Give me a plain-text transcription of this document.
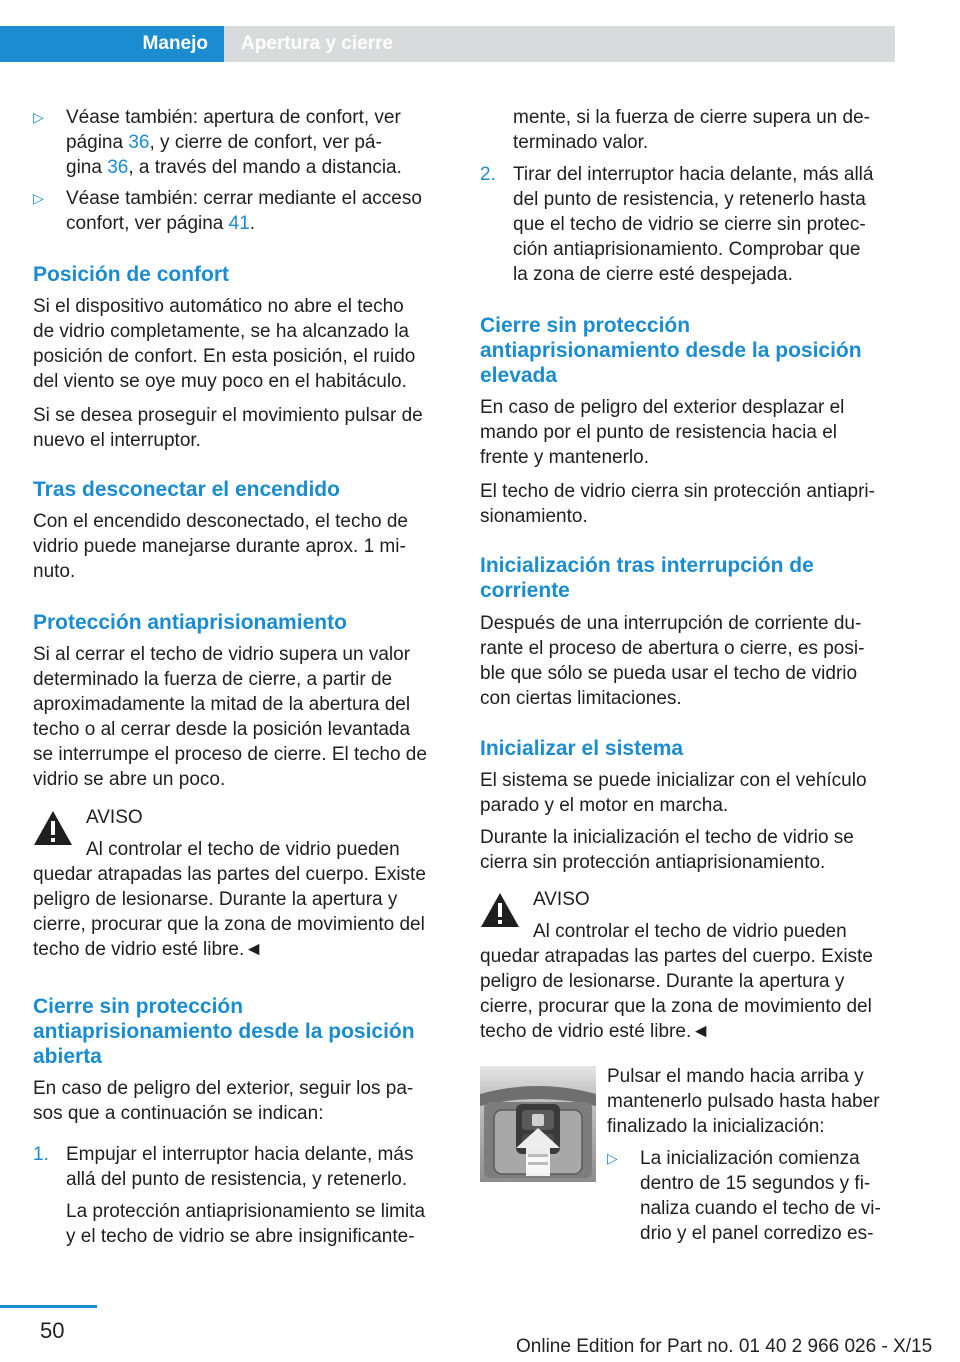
Manejo Apertura y cierre
▷ Véase también: apertura de confort, ver
página 36, y cierre de confort, ver pá-
gina 36, a través del mando a distancia.
▷ Véase también: cerrar mediante el acceso
confort, ver página 41.
Posición de confort
Si el dispositivo automático no abre el techo
de vidrio completamente, se ha alcanzado la
posición de confort. En esta posición, el ruido
del viento se oye muy poco en el habitáculo.
Si se desea proseguir el movimiento pulsar de
nuevo el interruptor.
Tras desconectar el encendido
Con el encendido desconectado, el techo de
vidrio puede manejarse durante aprox. 1 mi-
nuto.
Protección antiaprisionamiento
Si al cerrar el techo de vidrio supera un valor
determinado la fuerza de cierre, a partir de
aproximadamente la mitad de la abertura del
techo o al cerrar desde la posición levantada
se interrumpe el proceso de cierre. El techo de
vidrio se abre un poco.
AVISO
Al controlar el techo de vidrio pueden
quedar atrapadas las partes del cuerpo. Existe
peligro de lesionarse. Durante la apertura y
cierre, procurar que la zona de movimiento del
techo de vidrio esté libre.◄
Cierre sin protección
antiaprisionamiento desde la posición
abierta
En caso de peligro del exterior, seguir los pa-
sos que a continuación se indican:
1. Empujar el interruptor hacia delante, más
allá del punto de resistencia, y retenerlo.
La protección antiaprisionamiento se limita
y el techo de vidrio se abre insignificante-
mente, si la fuerza de cierre supera un de-
terminado valor.
2. Tirar del interruptor hacia delante, más allá
del punto de resistencia, y retenerlo hasta
que el techo de vidrio se cierre sin protec-
ción antiaprisionamiento. Comprobar que
la zona de cierre esté despejada.
Cierre sin protección
antiaprisionamiento desde la posición
elevada
En caso de peligro del exterior desplazar el
mando por el punto de resistencia hacia el
frente y mantenerlo.
El techo de vidrio cierra sin protección antiapri-
sionamiento.
Inicialización tras interrupción de
corriente
Después de una interrupción de corriente du-
rante el proceso de abertura o cierre, es posi-
ble que sólo se pueda usar el techo de vidrio
con ciertas limitaciones.
Inicializar el sistema
El sistema se puede inicializar con el vehículo
parado y el motor en marcha.
Durante la inicialización el techo de vidrio se
cierra sin protección antiaprisionamiento.
AVISO
Al controlar el techo de vidrio pueden
quedar atrapadas las partes del cuerpo. Existe
peligro de lesionarse. Durante la apertura y
cierre, procurar que la zona de movimiento del
techo de vidrio esté libre.◄
Pulsar el mando hacia arriba y
mantenerlo pulsado hasta haber
finalizado la inicialización:
▷ La inicialización comienza
dentro de 15 segundos y fi-
naliza cuando el techo de vi-
drio y el panel corredizo es-
50
Online Edition for Part no. 01 40 2 966 026 - X/15
